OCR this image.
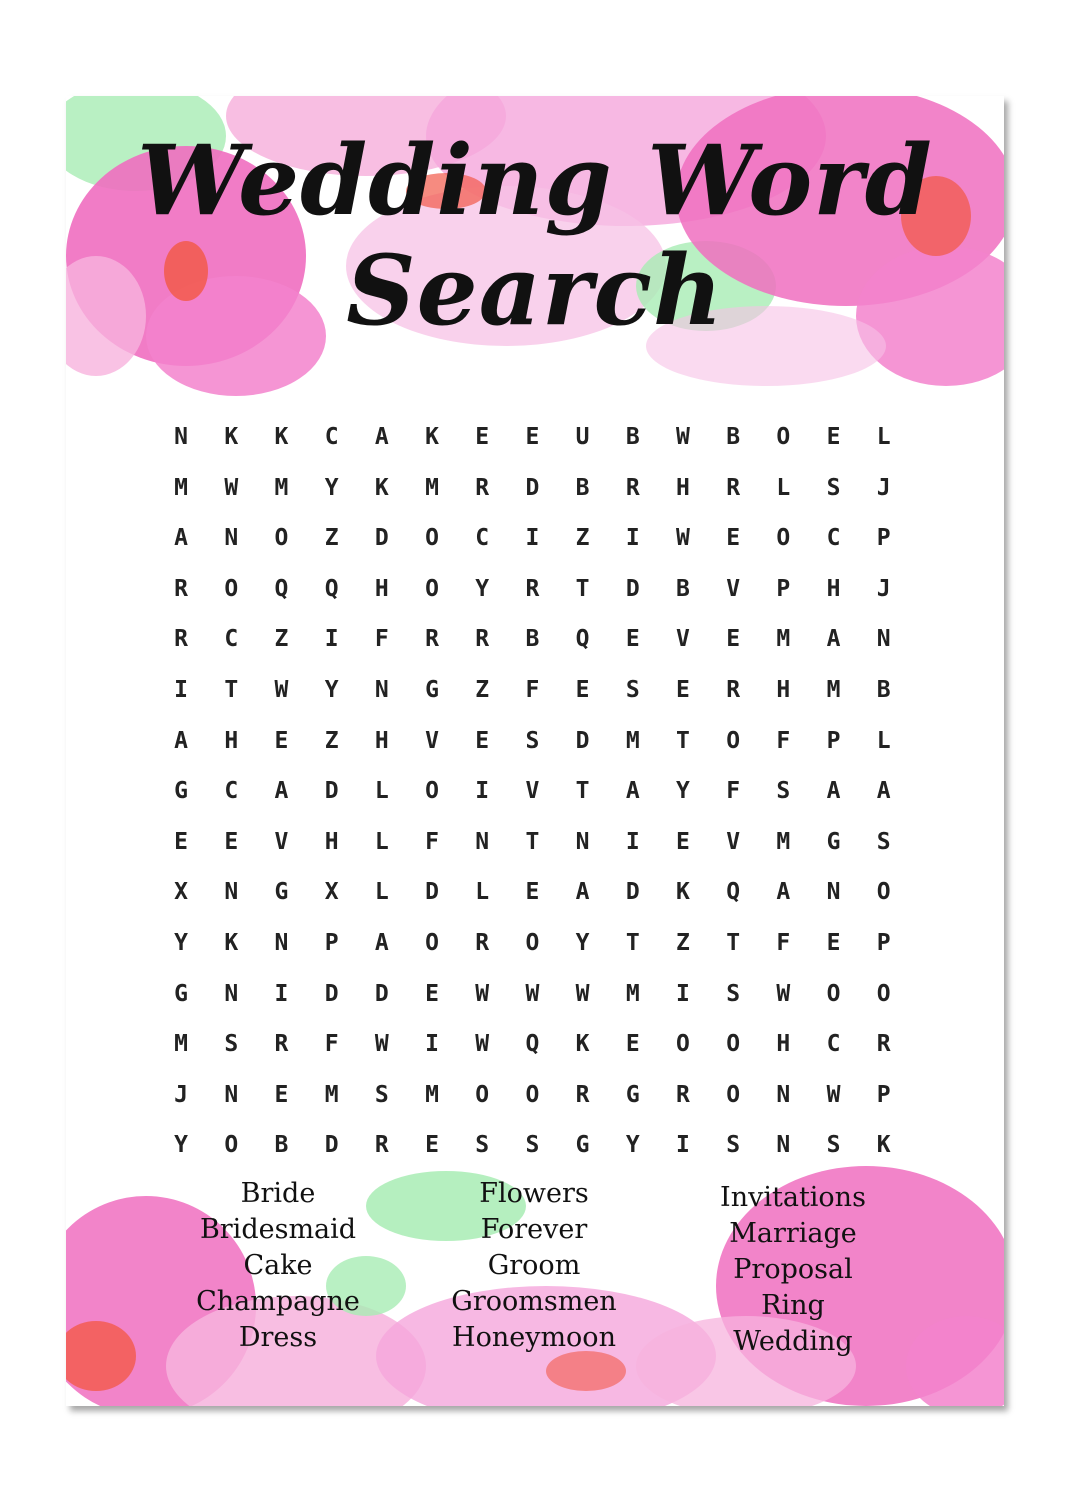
Wedding Word
Search
N	K	K	C	A	K	E	E	U	B	W	B	O	E	L
M	W	M	Y	K	M	R	D	B	R	H	R	L	S	J
A	N	O	Z	D	O	C	I	Z	I	W	E	O	C	P
R	O	Q	Q	H	O	Y	R	T	D	B	V	P	H	J
R	C	Z	I	F	R	R	B	Q	E	V	E	M	A	N
I	T	W	Y	N	G	Z	F	E	S	E	R	H	M	B
A	H	E	Z	H	V	E	S	D	M	T	O	F	P	L
G	C	A	D	L	O	I	V	T	A	Y	F	S	A	A
E	E	V	H	L	F	N	T	N	I	E	V	M	G	S
X	N	G	X	L	D	L	E	A	D	K	Q	A	N	O
Y	K	N	P	A	O	R	O	Y	T	Z	T	F	E	P
G	N	I	D	D	E	W	W	W	M	I	S	W	O	O
M	S	R	F	W	I	W	Q	K	E	O	O	H	C	R
J	N	E	M	S	M	O	O	R	G	R	O	N	W	P
Y	O	B	D	R	E	S	S	G	Y	I	S	N	S	K
Bride
Bridesmaid
Cake
Champagne
Dress
Flowers
Forever
Groom
Groomsmen
Honeymoon
Invitations
Marriage
Proposal
Ring
Wedding
